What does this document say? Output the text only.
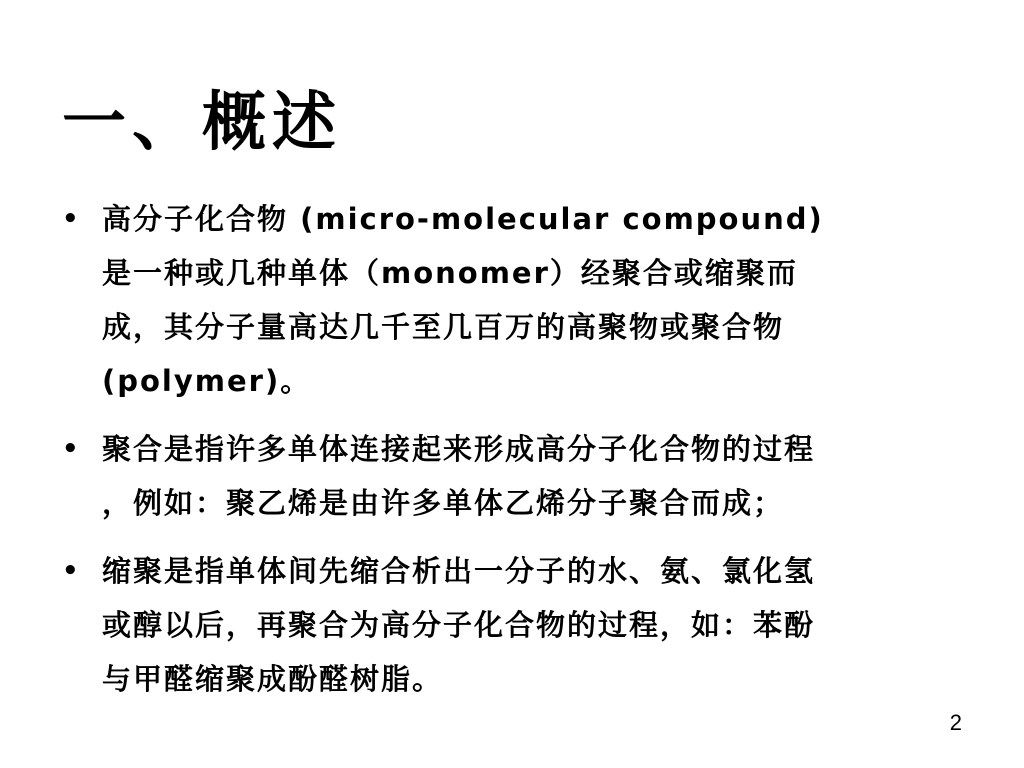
一、概述
• 高分子化合物 (micro-molecular compound)
是一种或几种单体（monomer）经聚合或缩聚而
成，其分子量高达几千至几百万的高聚物或聚合物
(polymer)。
• 聚合是指许多单体连接起来形成高分子化合物的过程
，例如：聚乙烯是由许多单体乙烯分子聚合而成；
• 缩聚是指单体间先缩合析出一分子的水、氨、氯化氢
或醇以后，再聚合为高分子化合物的过程，如：苯酚
与甲醛缩聚成酚醛树脂。
2
